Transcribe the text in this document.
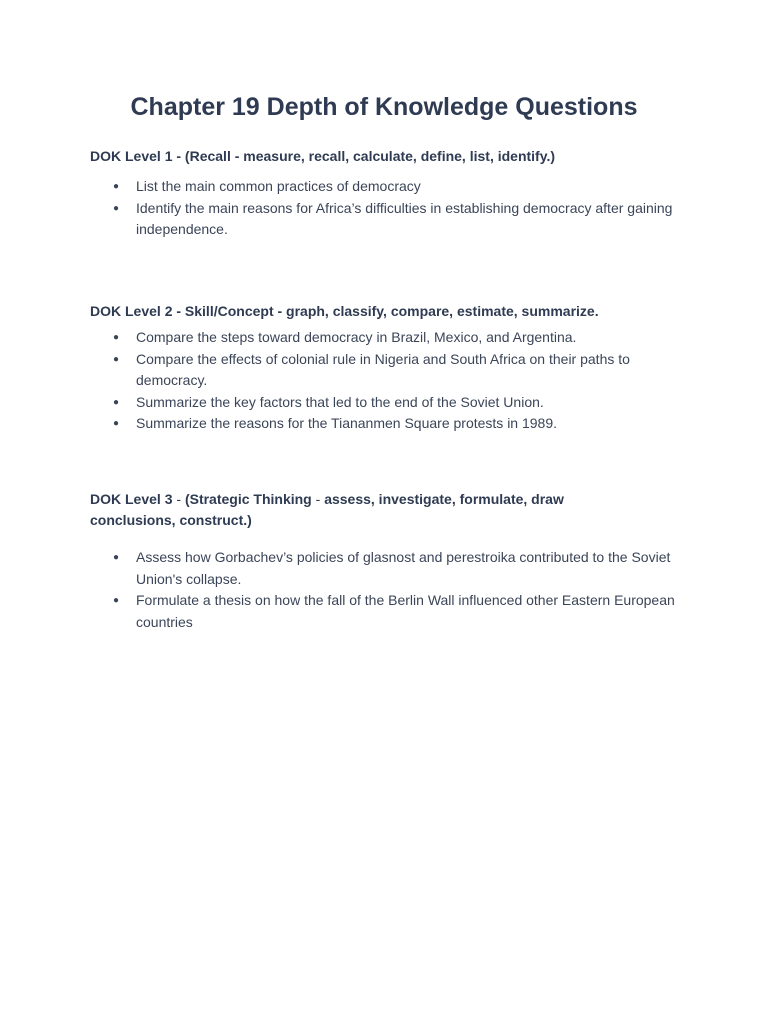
Chapter 19 Depth of Knowledge Questions

DOK Level 1 - (Recall - measure, recall, calculate, define, list, identify.)

● List the main common practices of democracy
● Identify the main reasons for Africa’s difficulties in establishing democracy after gaining independence.

DOK Level 2 - Skill/Concept - graph, classify, compare, estimate, summarize.

● Compare the steps toward democracy in Brazil, Mexico, and Argentina.
● Compare the effects of colonial rule in Nigeria and South Africa on their paths to democracy.
● Summarize the key factors that led to the end of the Soviet Union.
● Summarize the reasons for the Tiananmen Square protests in 1989.

DOK Level 3 - (Strategic Thinking - assess, investigate, formulate, draw conclusions, construct.)

● Assess how Gorbachev’s policies of glasnost and perestroika contributed to the Soviet Union's collapse.
● Formulate a thesis on how the fall of the Berlin Wall influenced other Eastern European countries
